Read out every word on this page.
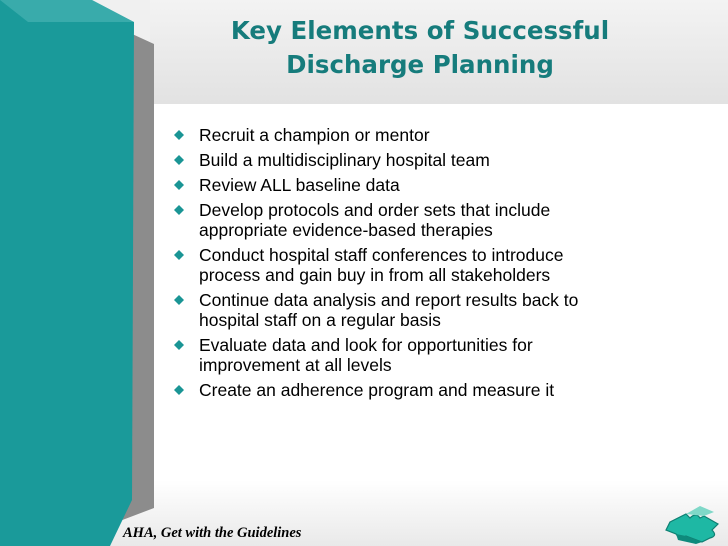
Key Elements of Successful
Discharge Planning
Recruit a champion or mentor
Build a multidisciplinary hospital team
Review ALL baseline data
Develop protocols and order sets that include
appropriate evidence-based therapies
Conduct hospital staff conferences to introduce
process and gain buy in from all stakeholders
Continue data analysis and report results back to
hospital staff on a regular basis
Evaluate data and look for opportunities for
improvement at all levels
Create an adherence program and measure it
AHA, Get with the Guidelines
